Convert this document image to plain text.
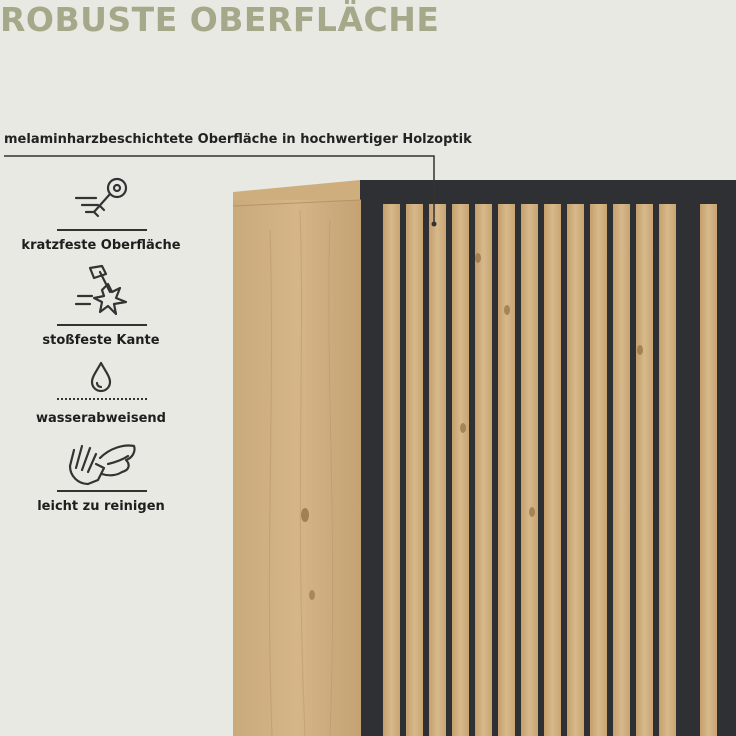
ROBUSTE OBERFLÄCHE
melaminharzbeschichtete Oberfläche in hochwertiger Holzoptik
kratzfeste Oberfläche
stoßfeste Kante
wasserabweisend
leicht zu reinigen
